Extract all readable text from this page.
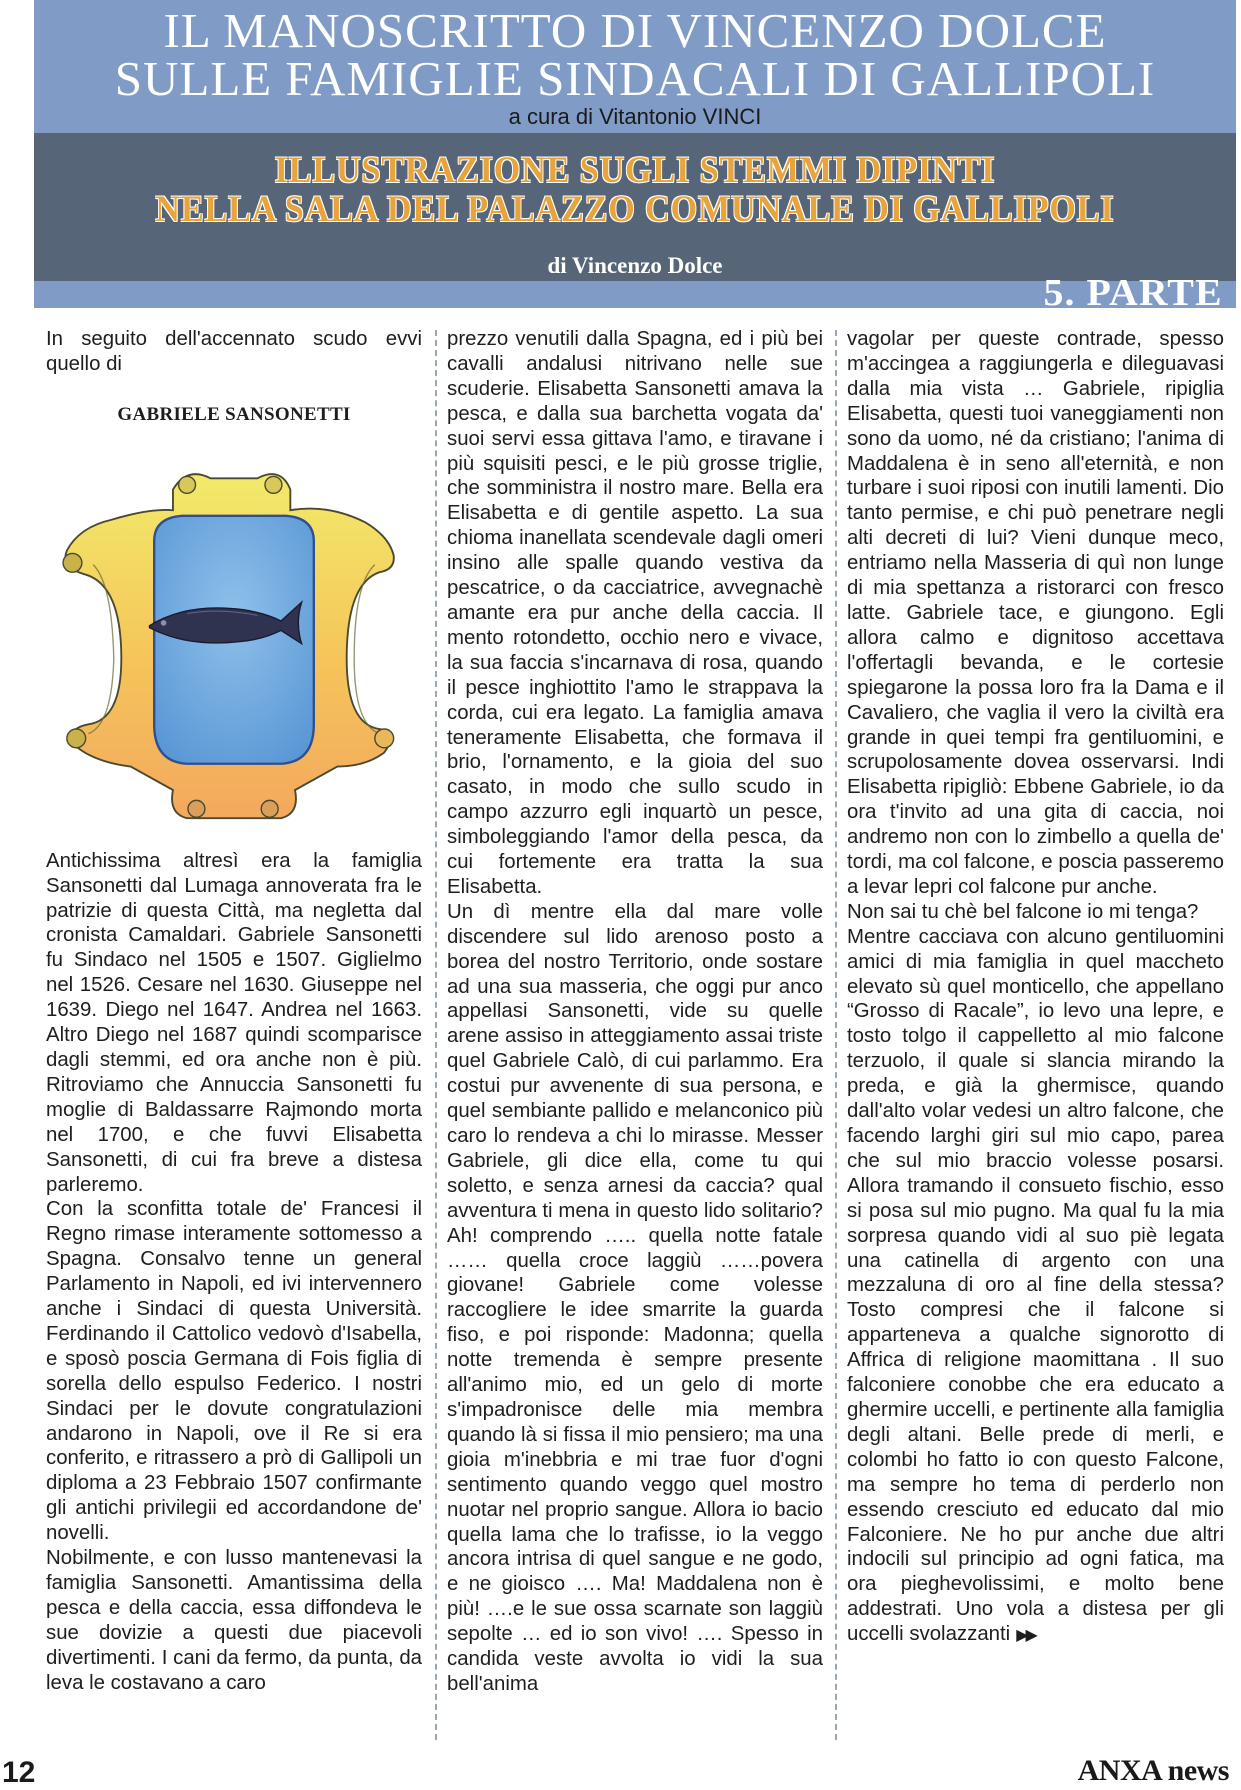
IL MANOSCRITTO DI VINCENZO DOLCE
SULLE FAMIGLIE SINDACALI DI GALLIPOLI
a cura di Vitantonio VINCI
ILLUSTRAZIONE SUGLI STEMMI DIPINTI
NELLA SALA DEL PALAZZO COMUNALE DI GALLIPOLI
di Vincenzo Dolce
5. PARTE

In seguito dell'accennato scudo evvi quello di

GABRIELE SANSONETTI

Antichissima altresì era la famiglia Sansonetti dal Lumaga annoverata fra le patrizie di questa Città, ma negletta dal cronista Camaldari. Gabriele Sansonetti fu Sindaco nel 1505 e 1507. Giglielmo nel 1526. Cesare nel 1630. Giuseppe nel 1639. Diego nel 1647. Andrea nel 1663. Altro Diego nel 1687 quindi scomparisce dagli stemmi, ed ora anche non è più. Ritroviamo che Annuccia Sansonetti fu moglie di Baldassarre Rajmondo morta nel 1700, e che fuvvi Elisabetta Sansonetti, di cui fra breve a distesa parleremo.

Con la sconfitta totale de' Francesi il Regno rimase interamente sottomesso a Spagna. Consalvo tenne un general Parlamento in Napoli, ed ivi intervennero anche i Sindaci di questa Università. Ferdinando il Cattolico vedovò d'Isabella, e sposò poscia Germana di Fois figlia di sorella dello espulso Federico. I nostri Sindaci per le dovute congratulazioni andarono in Napoli, ove il Re si era conferito, e ritrassero a prò di Gallipoli un diploma a 23 Febbraio 1507 confirmante gli antichi privilegii ed accordandone de' novelli.

Nobilmente, e con lusso mantenevasi la famiglia Sansonetti. Amantissima della pesca e della caccia, essa diffondeva le sue dovizie a questi due piacevoli divertimenti. I cani da fermo, da punta, da leva le costavano a caro

prezzo venutili dalla Spagna, ed i più bei cavalli andalusi nitrivano nelle sue scuderie. Elisabetta Sansonetti amava la pesca, e dalla sua barchetta vogata da' suoi servi essa gittava l'amo, e tiravane i più squisiti pesci, e le più grosse triglie, che somministra il nostro mare. Bella era Elisabetta e di gentile aspetto. La sua chioma inanellata scendevale dagli omeri insino alle spalle quando vestiva da pescatrice, o da cacciatrice, avvegnachè amante era pur anche della caccia. Il mento rotondetto, occhio nero e vivace, la sua faccia s'incarnava di rosa, quando il pesce inghiottito l'amo le strappava la corda, cui era legato. La famiglia amava teneramente Elisabetta, che formava il brio, l'ornamento, e la gioia del suo casato, in modo che sullo scudo in campo azzurro egli inquartò un pesce, simboleggiando l'amor della pesca, da cui fortemente era tratta la sua Elisabetta.

Un dì mentre ella dal mare volle discendere sul lido arenoso posto a borea del nostro Territorio, onde sostare ad una sua masseria, che oggi pur anco appellasi Sansonetti, vide su quelle arene assiso in atteggiamento assai triste quel Gabriele Calò, di cui parlammo. Era costui pur avvenente di sua persona, e quel sembiante pallido e melanconico più caro lo rendeva a chi lo mirasse. Messer Gabriele, gli dice ella, come tu qui soletto, e senza arnesi da caccia? qual avventura ti mena in questo lido solitario? Ah! comprendo ….. quella notte fatale …… quella croce laggiù ……povera giovane! Gabriele come volesse raccogliere le idee smarrite la guarda fiso, e poi risponde: Madonna; quella notte tremenda è sempre presente all'animo mio, ed un gelo di morte s'impadronisce delle mia membra quando là si fissa il mio pensiero; ma una gioia m'inebbria e mi trae fuor d'ogni sentimento quando veggo quel mostro nuotar nel proprio sangue. Allora io bacio quella lama che lo trafisse, io la veggo ancora intrisa di quel sangue e ne godo, e ne gioisco …. Ma! Maddalena non è più! ….e le sue ossa scarnate son laggiù sepolte … ed io son vivo! …. Spesso in candida veste avvolta io vidi la sua bell'anima

vagolar per queste contrade, spesso m'accingea a raggiungerla e dileguavasi dalla mia vista … Gabriele, ripiglia Elisabetta, questi tuoi vaneggiamenti non sono da uomo, né da cristiano; l'anima di Maddalena è in seno all'eternità, e non turbare i suoi riposi con inutili lamenti. Dio tanto permise, e chi può penetrare negli alti decreti di lui? Vieni dunque meco, entriamo nella Masseria di quì non lunge di mia spettanza a ristorarci con fresco latte. Gabriele tace, e giungono. Egli allora calmo e dignitoso accettava l'offertagli bevanda, e le cortesie spiegarone la possa loro fra la Dama e il Cavaliero, che vaglia il vero la civiltà era grande in quei tempi fra gentiluomini, e scrupolosamente dovea osservarsi. Indi Elisabetta ripigliò: Ebbene Gabriele, io da ora t'invito ad una gita di caccia, noi andremo non con lo zimbello a quella de' tordi, ma col falcone, e poscia passeremo a levar lepri col falcone pur anche.

Non sai tu chè bel falcone io mi tenga?

Mentre cacciava con alcuno gentiluomini amici di mia famiglia in quel maccheto elevato sù quel monticello, che appellano “Grosso di Racale”, io levo una lepre, e tosto tolgo il cappelletto al mio falcone terzuolo, il quale si slancia mirando la preda, e già la ghermisce, quando dall'alto volar vedesi un altro falcone, che facendo larghi giri sul mio capo, parea che sul mio braccio volesse posarsi. Allora tramando il consueto fischio, esso si posa sul mio pugno. Ma qual fu la mia sorpresa quando vidi al suo piè legata una catinella di argento con una mezzaluna di oro al fine della stessa? Tosto compresi che il falcone si apparteneva a qualche signorotto di Affrica di religione maomittana . Il suo falconiere conobbe che era educato a ghermire uccelli, e pertinente alla famiglia degli altani. Belle prede di merli, e colombi ho fatto io con questo Falcone, ma sempre ho tema di perderlo non essendo cresciuto ed educato dal mio Falconiere. Ne ho pur anche due altri indocili sul principio ad ogni fatica, ma ora pieghevolissimi, e molto bene addestrati. Uno vola a distesa per gli uccelli svolazzanti ▶▶

12	ANXA news
